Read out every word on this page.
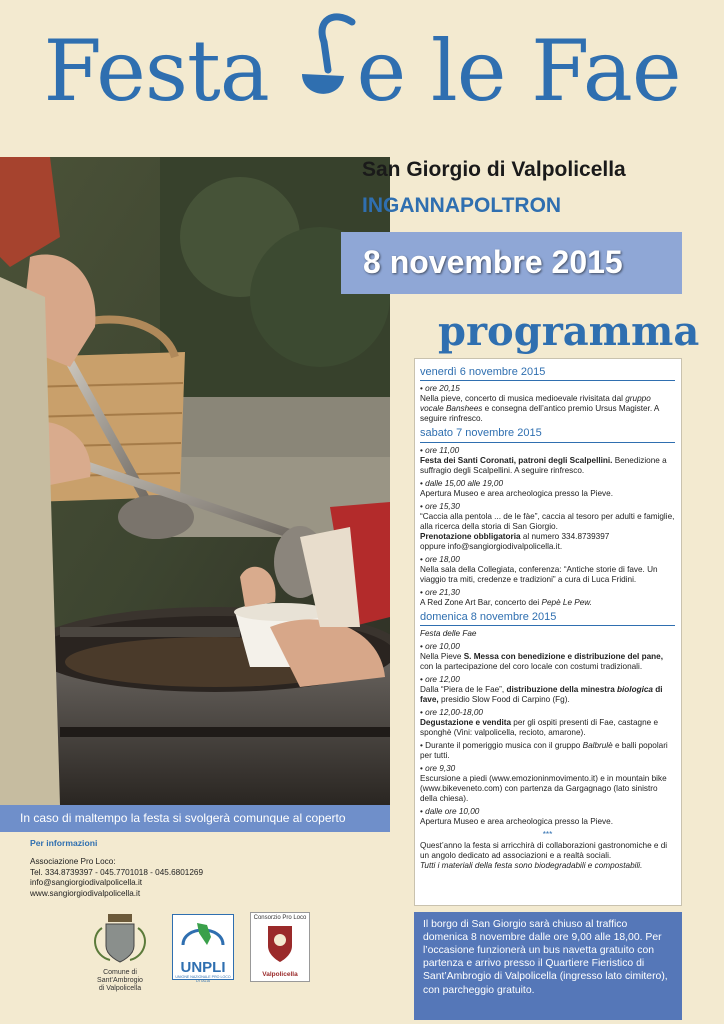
Festa
e le Fae
San Giorgio di Valpolicella
INGANNAPOLTRON
8 novembre 2015
programma
venerdì 6 novembre 2015
• ore 20,15
Nella pieve, concerto di musica medioevale rivisitata dal gruppo vocale Banshees e consegna dell’antico premio Ursus Magister. A seguire rinfresco.
sabato 7 novembre 2015
• ore 11,00
Festa dei Santi Coronati, patroni degli Scalpellini. Benedizione a suffragio degli Scalpellini. A seguire rinfresco.
• dalle 15,00 alle 19,00
Apertura Museo e area archeologica presso la Pieve.
• ore 15,30
“Caccia alla pentola ... de le fàe”, caccia al tesoro per adulti e famiglie, alla ricerca della storia di San Giorgio.
Prenotazione obbligatoria al numero 334.8739397
oppure info@sangiorgiodivalpolicella.it.
• ore 18,00
Nella sala della Collegiata, conferenza: “Antiche storie di fave. Un viaggio tra miti, credenze e tradizioni” a cura di Luca Fridini.
• ore 21,30
A Red Zone Art Bar, concerto dei Pepè Le Pew.
domenica 8 novembre 2015
Festa delle Fae
• ore 10,00
Nella Pieve S. Messa con benedizione e distribuzione del pane, con la partecipazione del coro locale con costumi tradizionali.
• ore 12,00
Dalla “Piera de le Fae”, distribuzione della minestra biologica di fave, presidio Slow Food di Carpino (Fg).
• ore 12,00-18,00
Degustazione e vendita per gli ospiti presenti di Fae, castagne e sponghè (Vini: valpolicella, recioto, amarone).
• Durante il pomeriggio musica con il gruppo Balbrulè e balli popolari per tutti.
• ore 9,30
Escursione a piedi (www.emozioninmovimento.it) e in mountain bike (www.bikeveneto.com) con partenza da Gargagnago (lato sinistro della chiesa).
• dalle ore 10,00
Apertura Museo e area archeologica presso la Pieve.
***
Quest’anno la festa si arricchirà di collaborazioni gastronomiche e di un angolo dedicato ad associazioni e a realtà sociali.
Tutti i materiali della festa sono biodegradabili e compostabili.
In caso di maltempo la festa si svolgerà comunque al coperto
Per informazioni
Associazione Pro Loco:
Tel. 334.8739397 - 045.7701018 - 045.6801269
info@sangiorgiodivalpolicella.it
www.sangiorgiodivalpolicella.it
Comune di Sant’Ambrogio
di Valpolicella
UNPLI
UNIONE NAZIONALE PRO LOCO D'ITALIA
Consorzio Pro Loco
Valpolicella
Il borgo di San Giorgio sarà chiuso al traffico domenica 8 novembre dalle ore 9,00 alle 18,00. Per l’occasione funzionerà un bus navetta gratuito con partenza e arrivo presso il Quartiere Fieristico di Sant’Ambrogio di Valpolicella (ingresso lato cimitero), con parcheggio gratuito.
